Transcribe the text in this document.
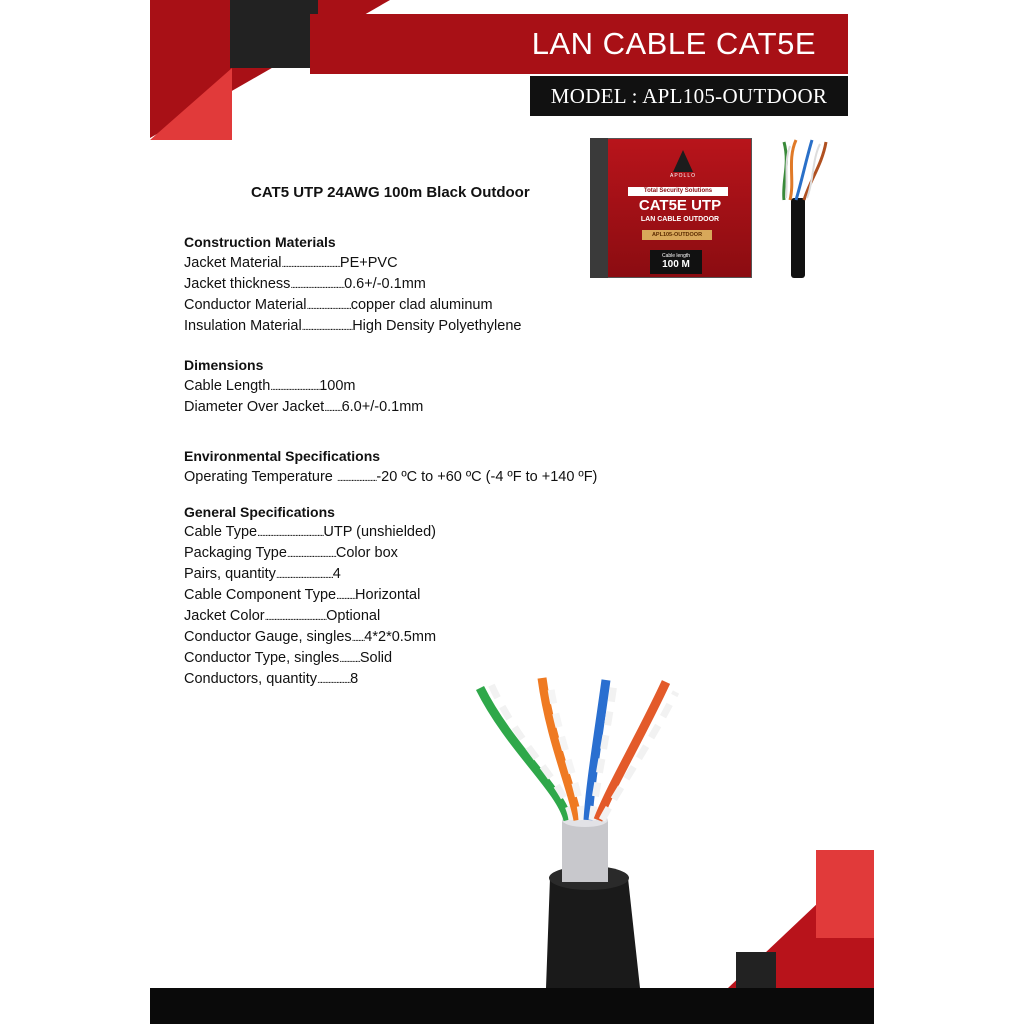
LAN CABLE CAT5E
MODEL : APL105-OUTDOOR
APOLLO
Total Security Solutions
CAT5E UTP
LAN CABLE OUTDOOR
APL105-OUTDOOR
Cable length
100 M
CAT5 UTP 24AWG 100m Black Outdoor
Construction Materials
Jacket Material.....................................PE+PVC
Jacket thickness..................................0.6+/-0.1mm
Conductor Material............................copper clad aluminum
Insulation Material................................High Density Polyethylene
Dimensions
Cable Length...............................100m
Diameter Over Jacket...........6.0+/-0.1mm
Environmental Specifications
Operating Temperature .........................-20 ºC to +60 ºC (-4 ºF to +140 ºF)
General Specifications
Cable Type..........................................UTP (unshielded)
Packaging Type...............................Color box
Pairs, quantity....................................4
Cable Component Type............Horizontal
Jacket Color.......................................Optional
Conductor Gauge, singles........4*2*0.5mm
Conductor Type, singles.............Solid
Conductors, quantity.....................8
